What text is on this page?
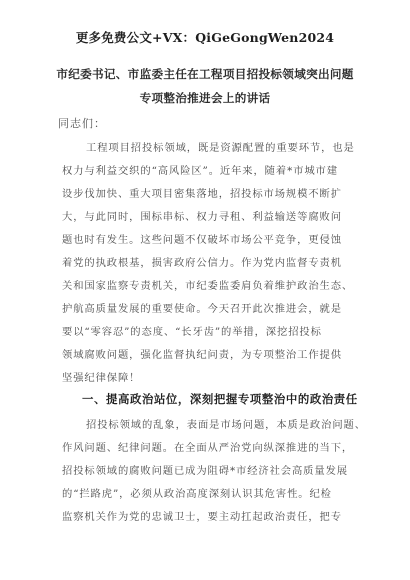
更多免费公文+VX：QiGeGongWen2024
市纪委书记、市监委主任在工程项目招投标领域突出问题
专项整治推进会上的讲话
同志们：
工程项目招投标领域，既是资源配置的重要环节，也是
权力与利益交织的“高风险区”。近年来，随着*市城市建
设步伐加快、重大项目密集落地，招投标市场规模不断扩
大，与此同时，围标串标、权力寻租、利益输送等腐败问
题也时有发生。这些问题不仅破坏市场公平竞争，更侵蚀
着党的执政根基，损害政府公信力。作为党内监督专责机
关和国家监察专责机关，市纪委监委肩负着维护政治生态、
护航高质量发展的重要使命。今天召开此次推进会，就是
要以“零容忍”的态度、“长牙齿”的举措，深挖招投标
领域腐败问题，强化监督执纪问责，为专项整治工作提供
坚强纪律保障！
一、提高政治站位，深刻把握专项整治中的政治责任
招投标领域的乱象，表面是市场问题，本质是政治问题、
作风问题、纪律问题。在全面从严治党向纵深推进的当下，
招投标领域的腐败问题已成为阻碍*市经济社会高质量发展
的“拦路虎”，必须从政治高度深刻认识其危害性。纪检
监察机关作为党的忠诚卫士，要主动扛起政治责任，把专
